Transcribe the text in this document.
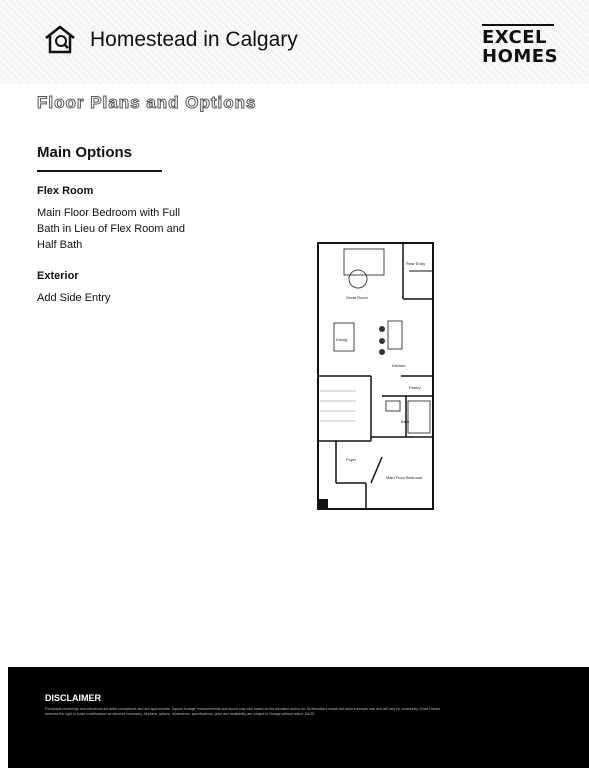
Homestead in Calgary	EXCEL
HOMES
Floor Plans and Options
Main Options
Flex Room
Main Floor Bedroom with Full Bath in Lieu of Flex Room and Half Bath
Exterior
Add Side Entry
Rear Entry
Great Room
Dining
Kitchen
Pantry
Bath
Foyer
Main Floor Bedroom
DISCLAIMER
Floorplans renderings and elevations are artist conceptions and are approximate. Square footage, measurements and layout may vary based on the elevation and/or lot. All elevations shown are artist concepts only and will vary by community. Excel Homes reserves the right to make modifications as deemed necessary. All plans, options, dimensions, specifications, price and availability are subject to change without notice. E&OE.
